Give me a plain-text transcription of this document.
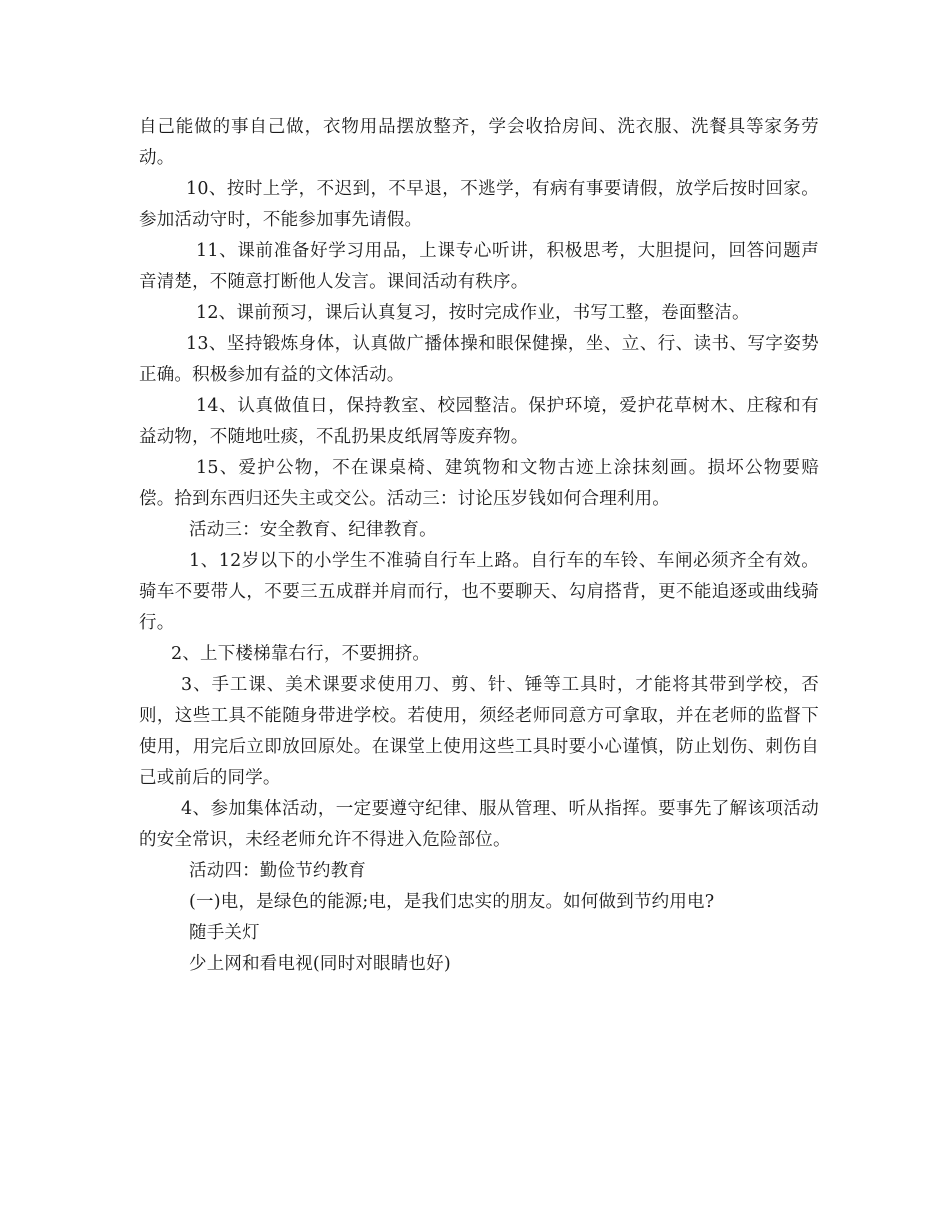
自己能做的事自己做，衣物用品摆放整齐，学会收拾房间、洗衣服、洗餐具等家务劳动。

10、按时上学，不迟到，不早退，不逃学，有病有事要请假，放学后按时回家。参加活动守时，不能参加事先请假。

11、课前准备好学习用品，上课专心听讲，积极思考，大胆提问，回答问题声音清楚，不随意打断他人发言。课间活动有秩序。

12、课前预习，课后认真复习，按时完成作业，书写工整，卷面整洁。

13、坚持锻炼身体，认真做广播体操和眼保健操，坐、立、行、读书、写字姿势正确。积极参加有益的文体活动。

14、认真做值日，保持教室、校园整洁。保护环境，爱护花草树木、庄稼和有益动物，不随地吐痰，不乱扔果皮纸屑等废弃物。

15、爱护公物，不在课桌椅、建筑物和文物古迹上涂抹刻画。损坏公物要赔偿。拾到东西归还失主或交公。活动三：讨论压岁钱如何合理利用。

活动三：安全教育、纪律教育。

1、12岁以下的小学生不准骑自行车上路。自行车的车铃、车闸必须齐全有效。骑车不要带人，不要三五成群并肩而行，也不要聊天、勾肩搭背，更不能追逐或曲线骑行。

2、上下楼梯靠右行，不要拥挤。

3、手工课、美术课要求使用刀、剪、针、锤等工具时，才能将其带到学校，否则，这些工具不能随身带进学校。若使用，须经老师同意方可拿取，并在老师的监督下使用，用完后立即放回原处。在课堂上使用这些工具时要小心谨慎，防止划伤、刺伤自己或前后的同学。

4、参加集体活动，一定要遵守纪律、服从管理、听从指挥。要事先了解该项活动的安全常识，未经老师允许不得进入危险部位。

活动四：勤俭节约教育

(一)电，是绿色的能源;电，是我们忠实的朋友。如何做到节约用电?

随手关灯

少上网和看电视(同时对眼睛也好)
